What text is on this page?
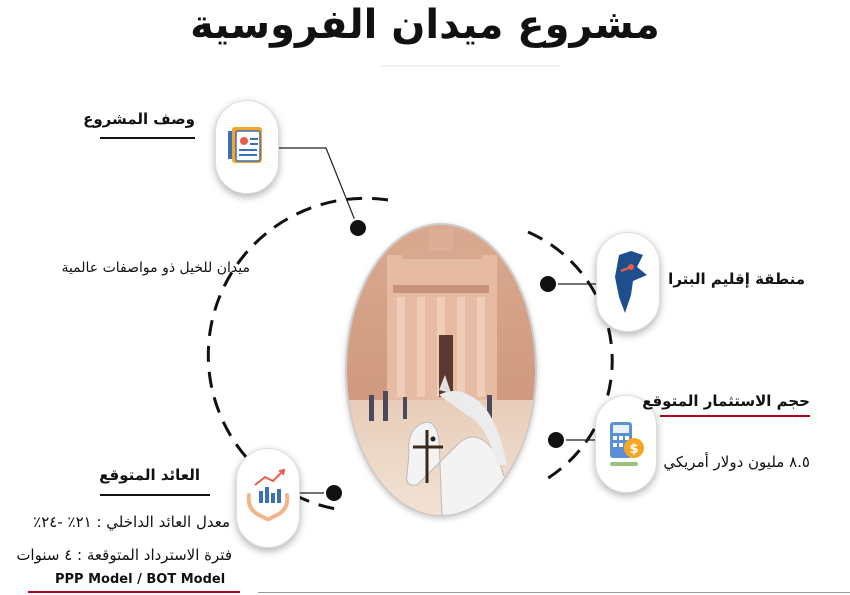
مشروع ميدان الفروسية
$
وصف المشروع
ميدان للخيل ذو مواصفات عالمية
منطقة إقليم البترا
حجم الاستثمار المتوقع
٨.٥ مليون دولار أمريكي
العائد المتوقع
معدل العائد الداخلي : ٢١٪ -٢٤٪
فترة الاسترداد المتوقعة : ٤ سنوات
PPP Model / BOT Model
